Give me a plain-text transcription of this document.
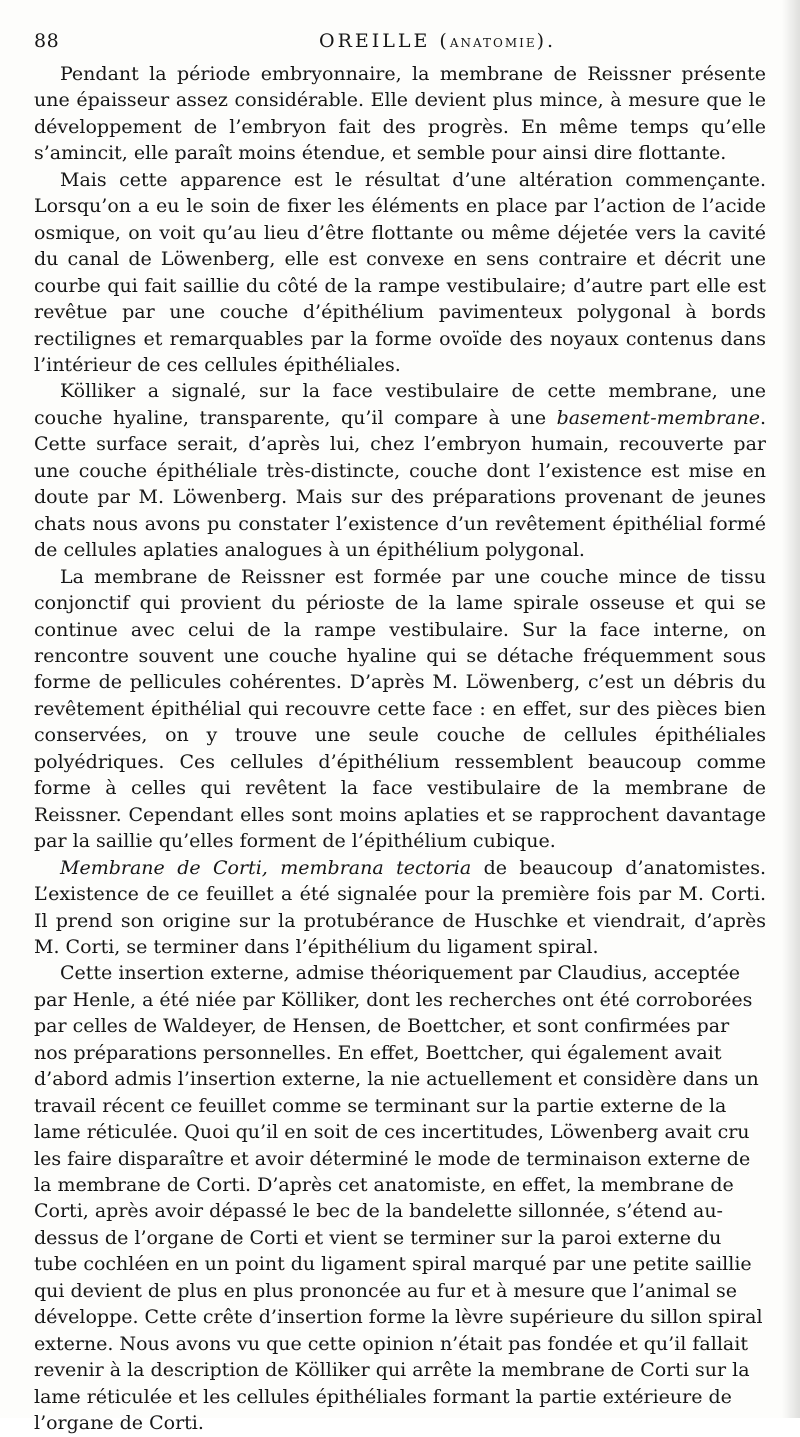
88	OREILLE (ANATOMIE).

Pendant la période embryonnaire, la membrane de Reissner présente une épaisseur assez considérable. Elle devient plus mince, à mesure que le développement de l’embryon fait des progrès. En même temps qu’elle s’amincit, elle paraît moins étendue, et semble pour ainsi dire flottante.

Mais cette apparence est le résultat d’une altération commençante. Lorsqu’on a eu le soin de fixer les éléments en place par l’action de l’acide osmique, on voit qu’au lieu d’être flottante ou même déjetée vers la cavité du canal de Löwenberg, elle est convexe en sens contraire et décrit une courbe qui fait saillie du côté de la rampe vestibulaire; d’autre part elle est revêtue par une couche d’épithélium pavimenteux polygonal à bords rectilignes et remarquables par la forme ovoïde des noyaux contenus dans l’intérieur de ces cellules épithéliales.

Kölliker a signalé, sur la face vestibulaire de cette membrane, une couche hyaline, transparente, qu’il compare à une basement-membrane. Cette surface serait, d’après lui, chez l’embryon humain, recouverte par une couche épithéliale très-distincte, couche dont l’existence est mise en doute par M. Löwenberg. Mais sur des préparations provenant de jeunes chats nous avons pu constater l’existence d’un revêtement épithélial formé de cellules aplaties analogues à un épithélium polygonal.

La membrane de Reissner est formée par une couche mince de tissu conjonctif qui provient du périoste de la lame spirale osseuse et qui se continue avec celui de la rampe vestibulaire. Sur la face interne, on rencontre souvent une couche hyaline qui se détache fréquemment sous forme de pellicules cohérentes. D’après M. Löwenberg, c’est un débris du revêtement épithélial qui recouvre cette face : en effet, sur des pièces bien conservées, on y trouve une seule couche de cellules épithéliales polyédriques. Ces cellules d’épithélium ressemblent beaucoup comme forme à celles qui revêtent la face vestibulaire de la membrane de Reissner. Cependant elles sont moins aplaties et se rapprochent davantage par la saillie qu’elles forment de l’épithélium cubique.

Membrane de Corti, membrana tectoria de beaucoup d’anatomistes. L’existence de ce feuillet a été signalée pour la première fois par M. Corti. Il prend son origine sur la protubérance de Huschke et viendrait, d’après M. Corti, se terminer dans l’épithélium du ligament spiral.

Cette insertion externe, admise théoriquement par Claudius, acceptée par Henle, a été niée par Kölliker, dont les recherches ont été corroborées par celles de Waldeyer, de Hensen, de Boettcher, et sont confirmées par nos préparations personnelles. En effet, Boettcher, qui également avait d’abord admis l’insertion externe, la nie actuellement et considère dans un travail récent ce feuillet comme se terminant sur la partie externe de la lame réticulée. Quoi qu’il en soit de ces incertitudes, Löwenberg avait cru les faire disparaître et avoir déterminé le mode de terminaison externe de la membrane de Corti. D’après cet anatomiste, en effet, la membrane de Corti, après avoir dépassé le bec de la bandelette sillonnée, s’étend au-dessus de l’organe de Corti et vient se terminer sur la paroi externe du tube cochléen en un point du ligament spiral marqué par une petite saillie qui devient de plus en plus prononcée au fur et à mesure que l’animal se développe. Cette crête d’insertion forme la lèvre supérieure du sillon spiral externe. Nous avons vu que cette opinion n’était pas fondée et qu’il fallait revenir à la description de Kölliker qui arrête la membrane de Corti sur la lame réticulée et les cellules épithéliales formant la partie extérieure de l’organe de Corti.
